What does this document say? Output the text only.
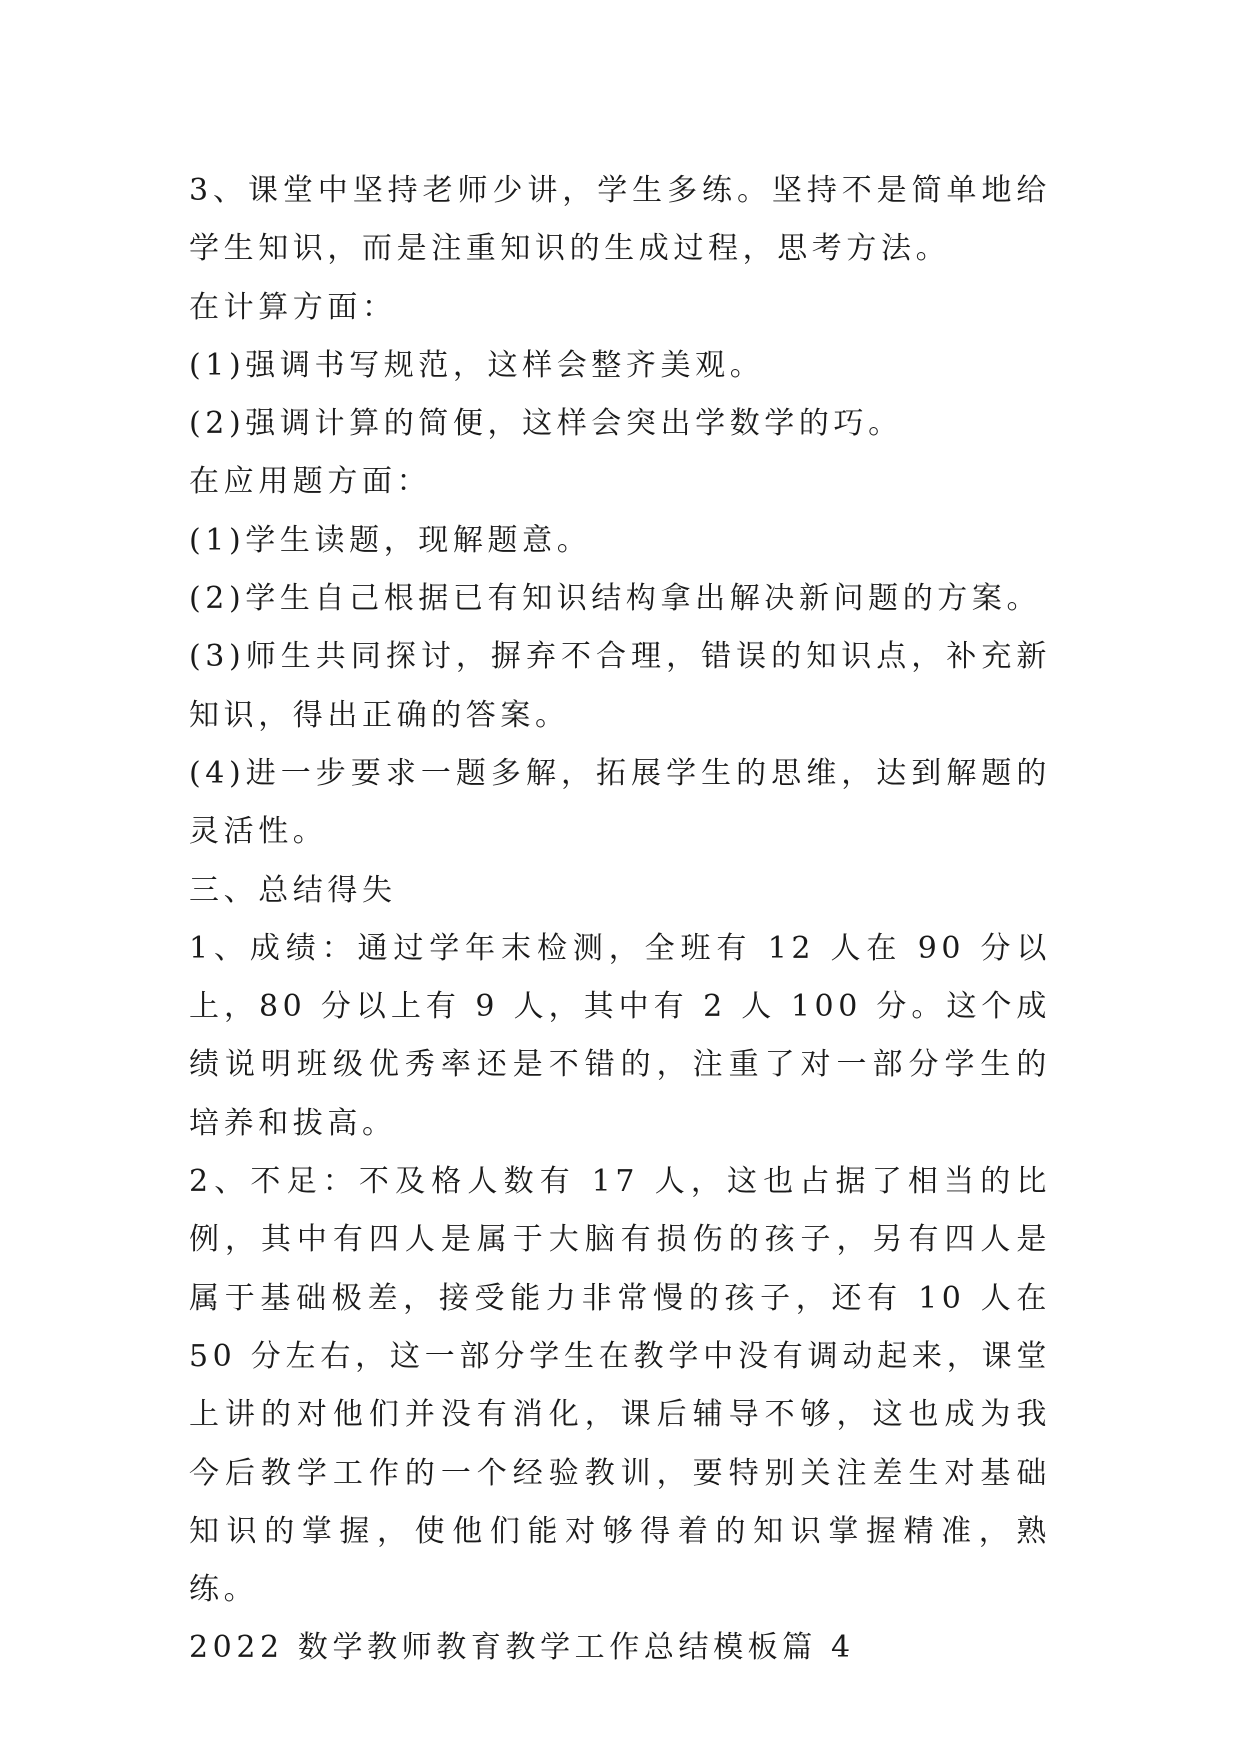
3、课堂中坚持老师少讲，学生多练。坚持不是简单地给学生知识，而是注重知识的生成过程，思考方法。

在计算方面：

(1)强调书写规范，这样会整齐美观。

(2)强调计算的简便，这样会突出学数学的巧。

在应用题方面：

(1)学生读题，现解题意。

(2)学生自己根据已有知识结构拿出解决新问题的方案。

(3)师生共同探讨，摒弃不合理，错误的知识点，补充新知识，得出正确的答案。

(4)进一步要求一题多解，拓展学生的思维，达到解题的灵活性。

三、总结得失

1、成绩：通过学年末检测，全班有 12 人在 90 分以上，80 分以上有 9 人，其中有 2 人 100 分。这个成绩说明班级优秀率还是不错的，注重了对一部分学生的培养和拔高。

2、不足：不及格人数有 17 人，这也占据了相当的比例，其中有四人是属于大脑有损伤的孩子，另有四人是属于基础极差，接受能力非常慢的孩子，还有 10 人在 50 分左右，这一部分学生在教学中没有调动起来，课堂上讲的对他们并没有消化，课后辅导不够，这也成为我今后教学工作的一个经验教训，要特别关注差生对基础知识的掌握，使他们能对够得着的知识掌握精准，熟练。

2022 数学教师教育教学工作总结模板篇 4
